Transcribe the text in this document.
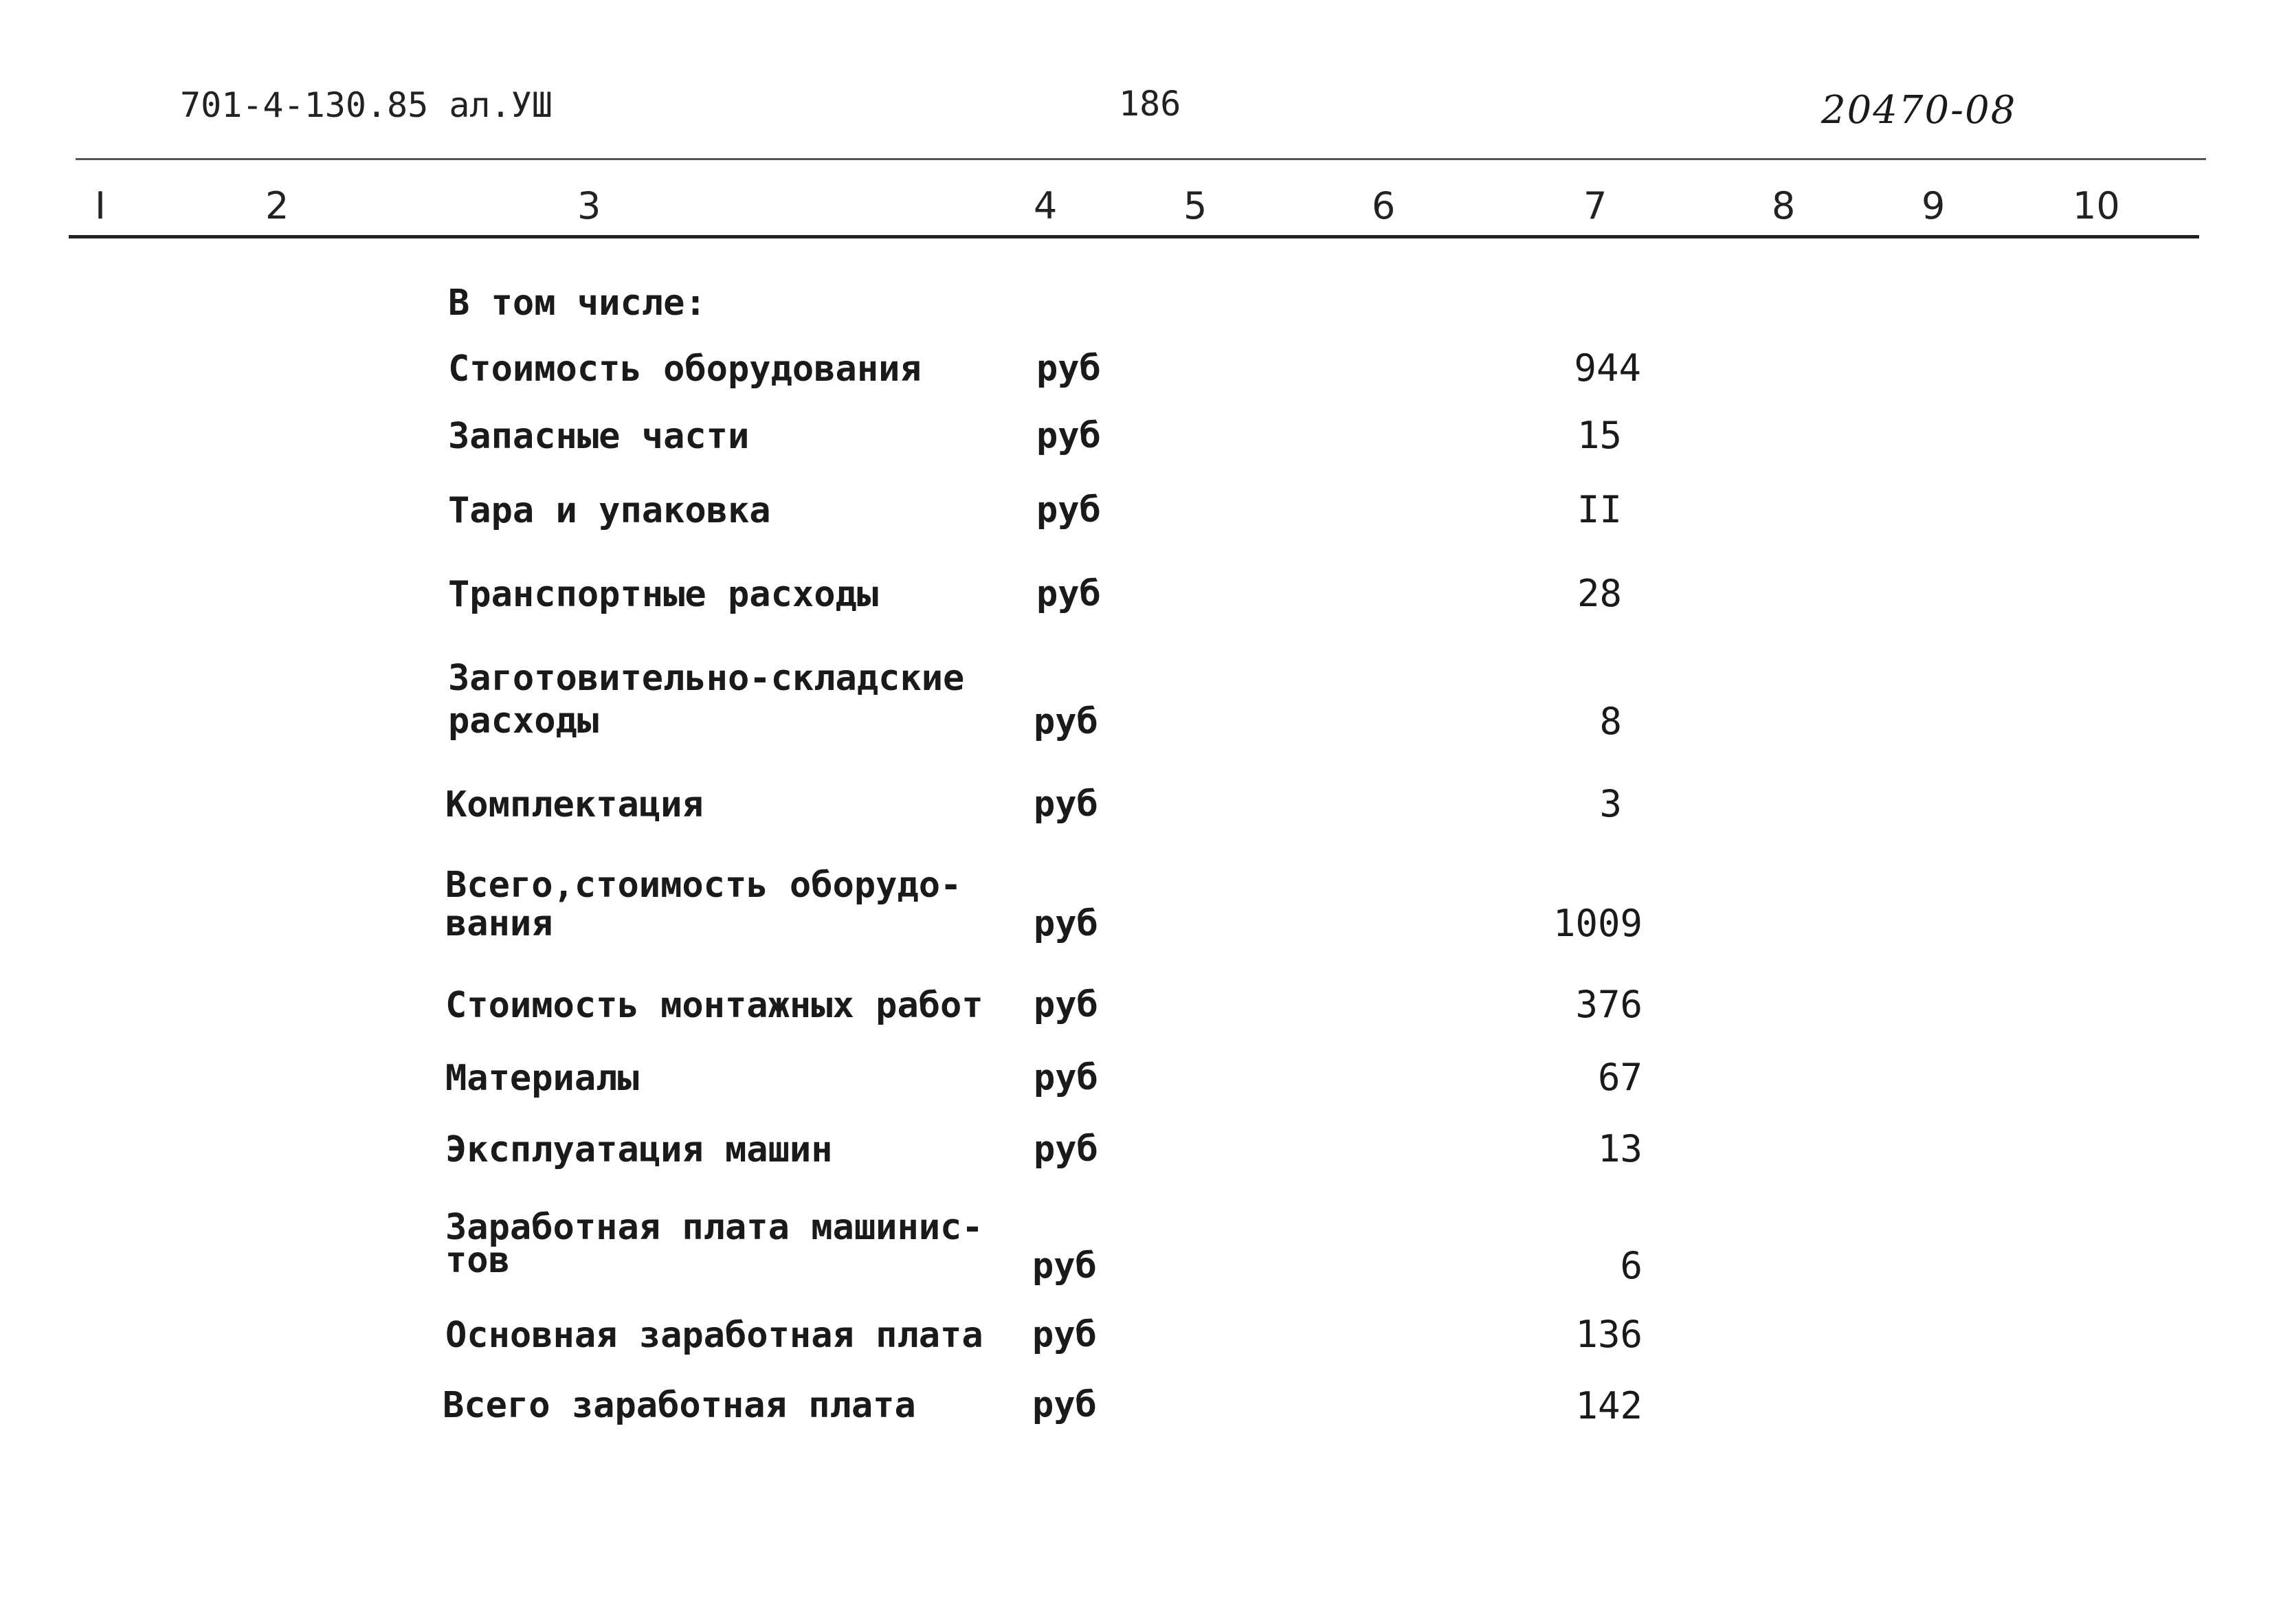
701-4-130.85 ал.УШ	186	20470-08
I	2	3	4	5	6	7	8	9	10
В том числе:
Стоимость оборудования	руб	944
Запасные части	руб	15
Тара и упаковка	руб	II
Транспортные расходы	руб	28
Заготовительно-складские
расходы	руб	8
Комплектация	руб	3
Всего,стоимость оборудо-
вания	руб	1009
Стоимость монтажных работ руб	376
Материалы	руб	67
Эксплуатация машин	руб	13
Заработная плата машинис-
тов	руб	6
Основная заработная плата руб	136
Всего заработная плата	руб	142
